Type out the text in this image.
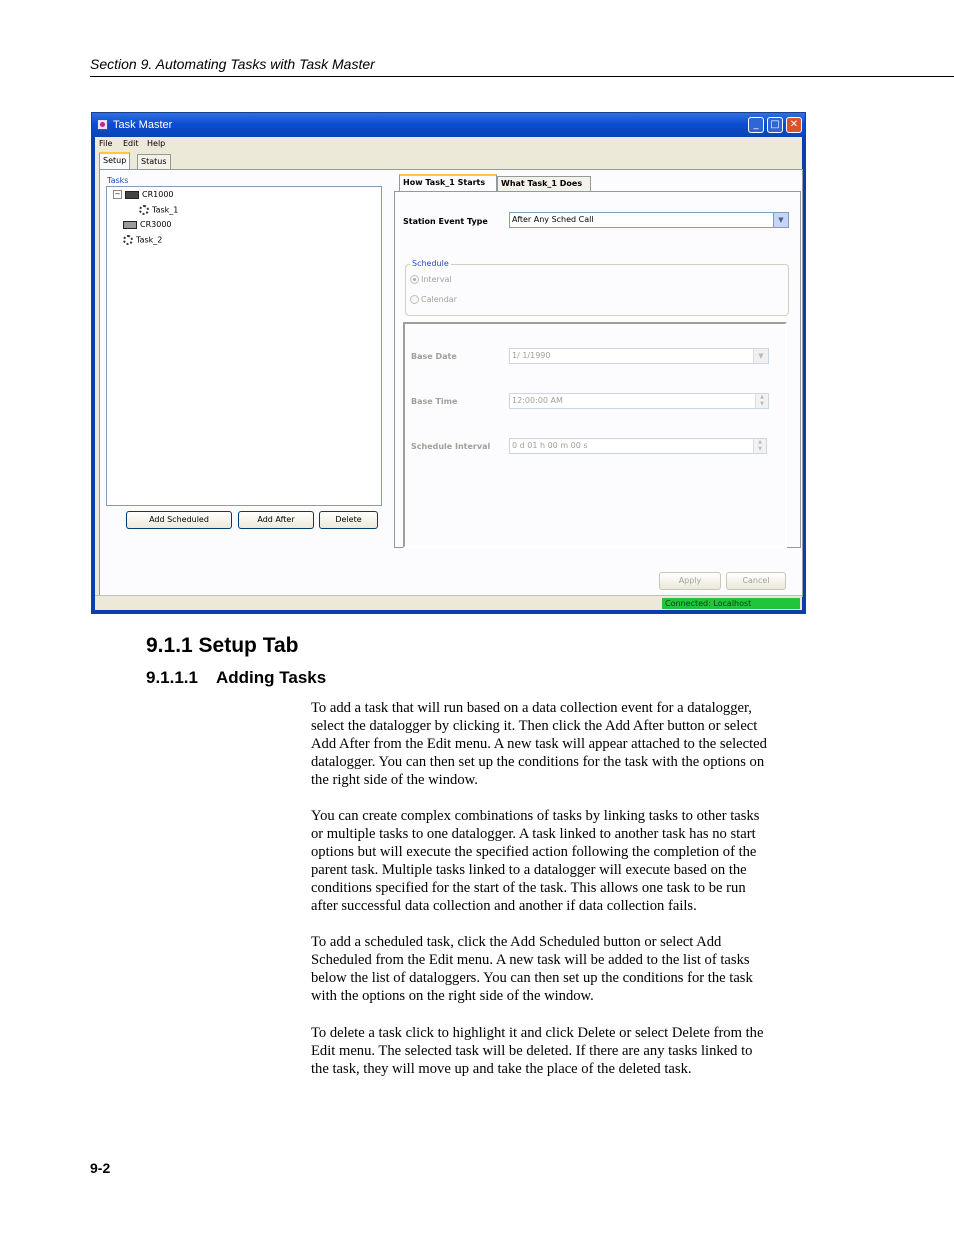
Section 9. Automating Tasks with Task Master
Task Master	_	□	✕
File Edit Help
Setup	Status
Tasks
−	CR1000
Task_1
CR3000
Task_2
Add Scheduled	Add After	Delete
How Task_1 Starts	What Task_1 Does
Station Event Type	After Any Sched Call	▼
Schedule
Interval
Calendar
Base Date	1/ 1/1990	▼
Base Time	12:00:00 AM	▲
▼
Schedule Interval	0 d 01 h 00 m 00 s	▲
▼
Apply	Cancel
Connected: Localhost
9.1.1 Setup Tab
9.1.1.1 Adding Tasks
To add a task that will run based on a data collection event for a datalogger,
select the datalogger by clicking it. Then click the Add After button or select
Add After from the Edit menu. A new task will appear attached to the selected
datalogger. You can then set up the conditions for the task with the options on
the right side of the window.
You can create complex combinations of tasks by linking tasks to other tasks
or multiple tasks to one datalogger. A task linked to another task has no start
options but will execute the specified action following the completion of the
parent task. Multiple tasks linked to a datalogger will execute based on the
conditions specified for the start of the task. This allows one task to be run
after successful data collection and another if data collection fails.
To add a scheduled task, click the Add Scheduled button or select Add
Scheduled from the Edit menu. A new task will be added to the list of tasks
below the list of dataloggers. You can then set up the conditions for the task
with the options on the right side of the window.
To delete a task click to highlight it and click Delete or select Delete from the
Edit menu. The selected task will be deleted. If there are any tasks linked to
the task, they will move up and take the place of the deleted task.
9-2
